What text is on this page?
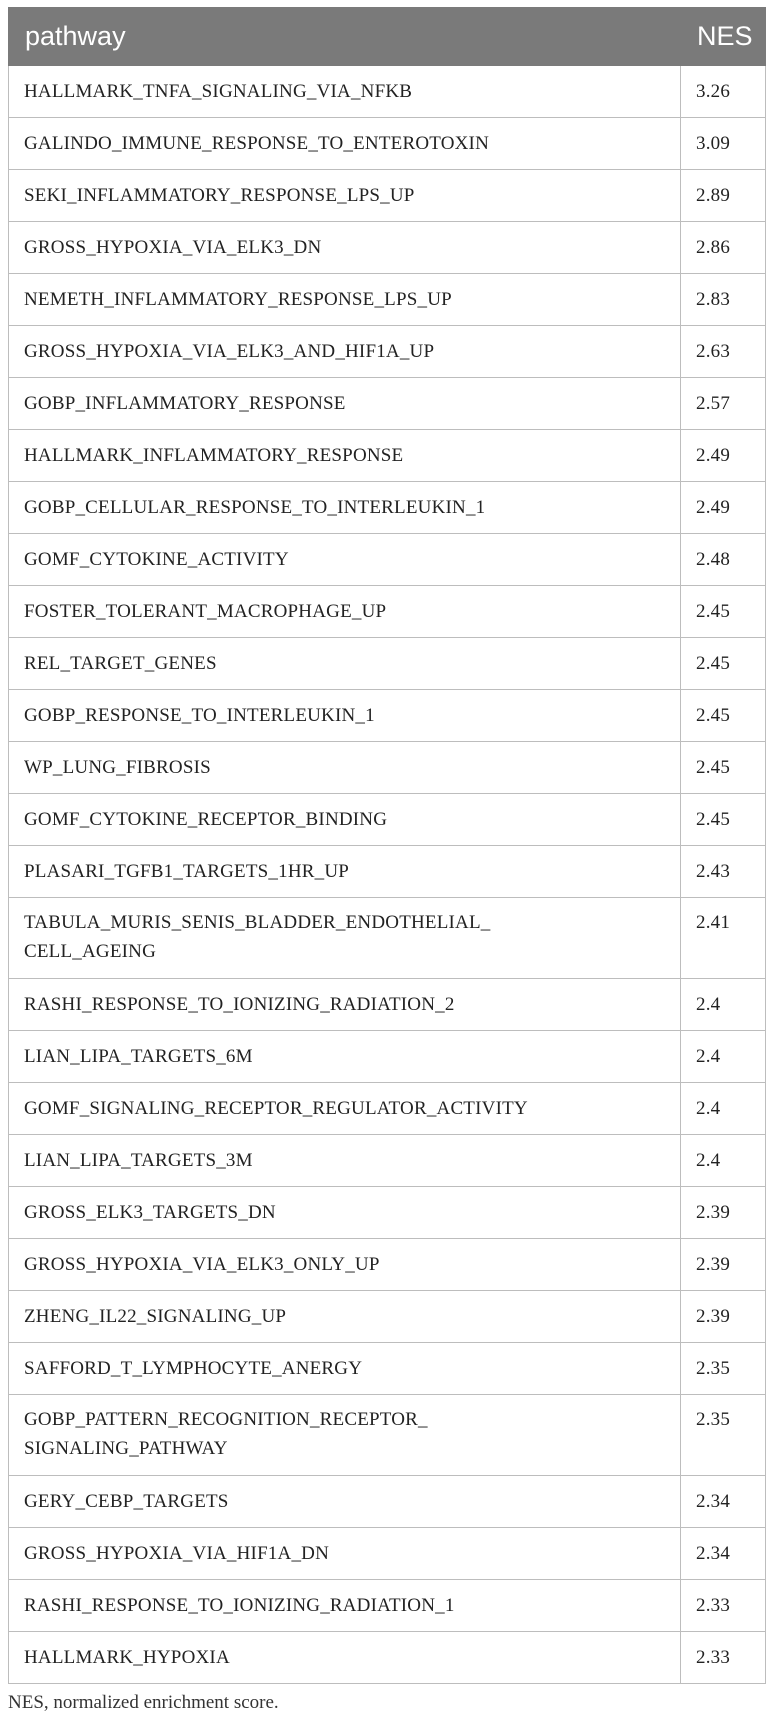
pathway	NES
HALLMARK_TNFA_SIGNALING_VIA_NFKB	3.26
GALINDO_IMMUNE_RESPONSE_TO_ENTEROTOXIN	3.09
SEKI_INFLAMMATORY_RESPONSE_LPS_UP	2.89
GROSS_HYPOXIA_VIA_ELK3_DN	2.86
NEMETH_INFLAMMATORY_RESPONSE_LPS_UP	2.83
GROSS_HYPOXIA_VIA_ELK3_AND_HIF1A_UP	2.63
GOBP_INFLAMMATORY_RESPONSE	2.57
HALLMARK_INFLAMMATORY_RESPONSE	2.49
GOBP_CELLULAR_RESPONSE_TO_INTERLEUKIN_1	2.49
GOMF_CYTOKINE_ACTIVITY	2.48
FOSTER_TOLERANT_MACROPHAGE_UP	2.45
REL_TARGET_GENES	2.45
GOBP_RESPONSE_TO_INTERLEUKIN_1	2.45
WP_LUNG_FIBROSIS	2.45
GOMF_CYTOKINE_RECEPTOR_BINDING	2.45
PLASARI_TGFB1_TARGETS_1HR_UP	2.43
TABULA_MURIS_SENIS_BLADDER_ENDOTHELIAL_
CELL_AGEING	2.41
RASHI_RESPONSE_TO_IONIZING_RADIATION_2	2.4
LIAN_LIPA_TARGETS_6M	2.4
GOMF_SIGNALING_RECEPTOR_REGULATOR_ACTIVITY	2.4
LIAN_LIPA_TARGETS_3M	2.4
GROSS_ELK3_TARGETS_DN	2.39
GROSS_HYPOXIA_VIA_ELK3_ONLY_UP	2.39
ZHENG_IL22_SIGNALING_UP	2.39
SAFFORD_T_LYMPHOCYTE_ANERGY	2.35
GOBP_PATTERN_RECOGNITION_RECEPTOR_
SIGNALING_PATHWAY	2.35
GERY_CEBP_TARGETS	2.34
GROSS_HYPOXIA_VIA_HIF1A_DN	2.34
RASHI_RESPONSE_TO_IONIZING_RADIATION_1	2.33
HALLMARK_HYPOXIA	2.33
NES, normalized enrichment score.
